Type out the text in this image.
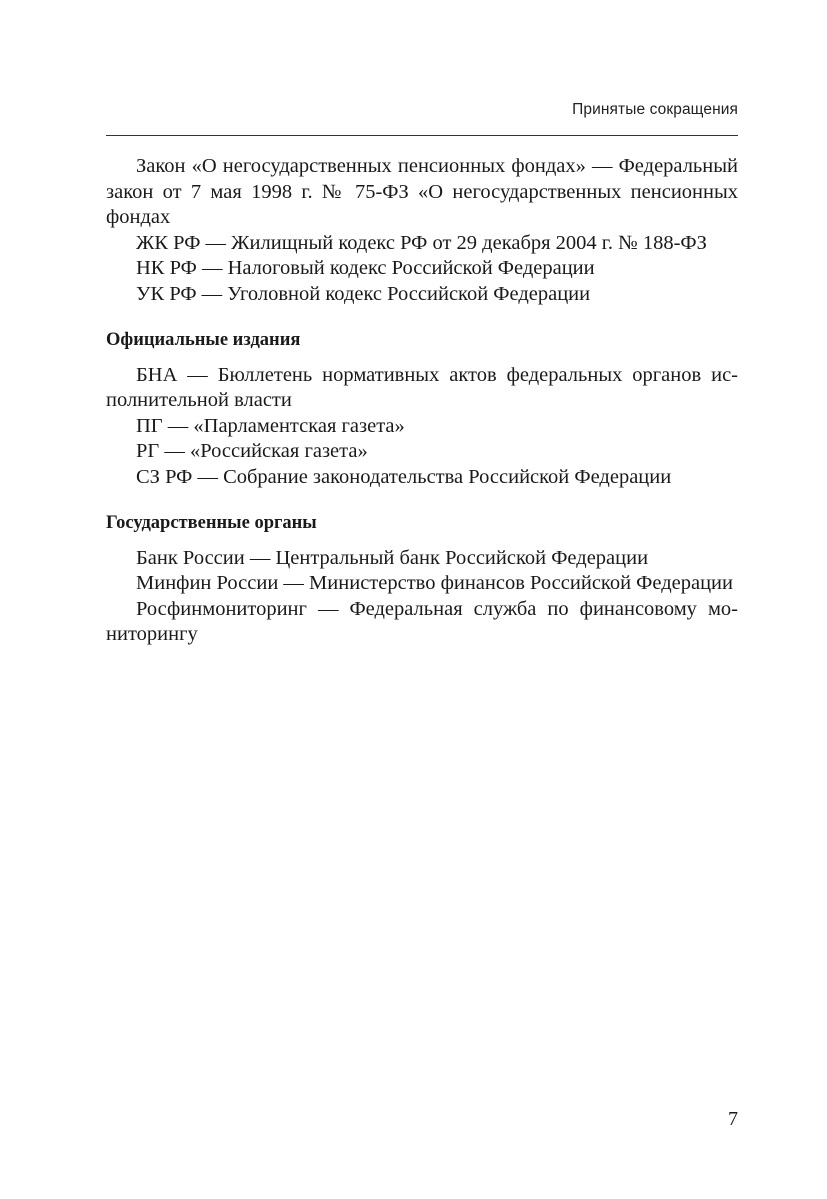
Принятые сокращения

Закон «О негосударственных пенсионных фондах» — Федеральный закон от 7 мая 1998 г. № 75-ФЗ «О негосударственных пенсионных фондах

ЖК РФ — Жилищный кодекс РФ от 29 декабря 2004 г. № 188-ФЗ

НК РФ — Налоговый кодекс Российской Федерации

УК РФ — Уголовной кодекс Российской Федерации

Официальные издания

БНА — Бюллетень нормативных актов федеральных органов исполнительной власти

ПГ — «Парламентская газета»

РГ — «Российская газета»

СЗ РФ — Собрание законодательства Российской Федерации

Государственные органы

Банк России — Центральный банк Российской Федерации

Минфин России — Министерство финансов Российской Федерации

Росфинмониторинг — Федеральная служба по финансовому мониторингу

7
